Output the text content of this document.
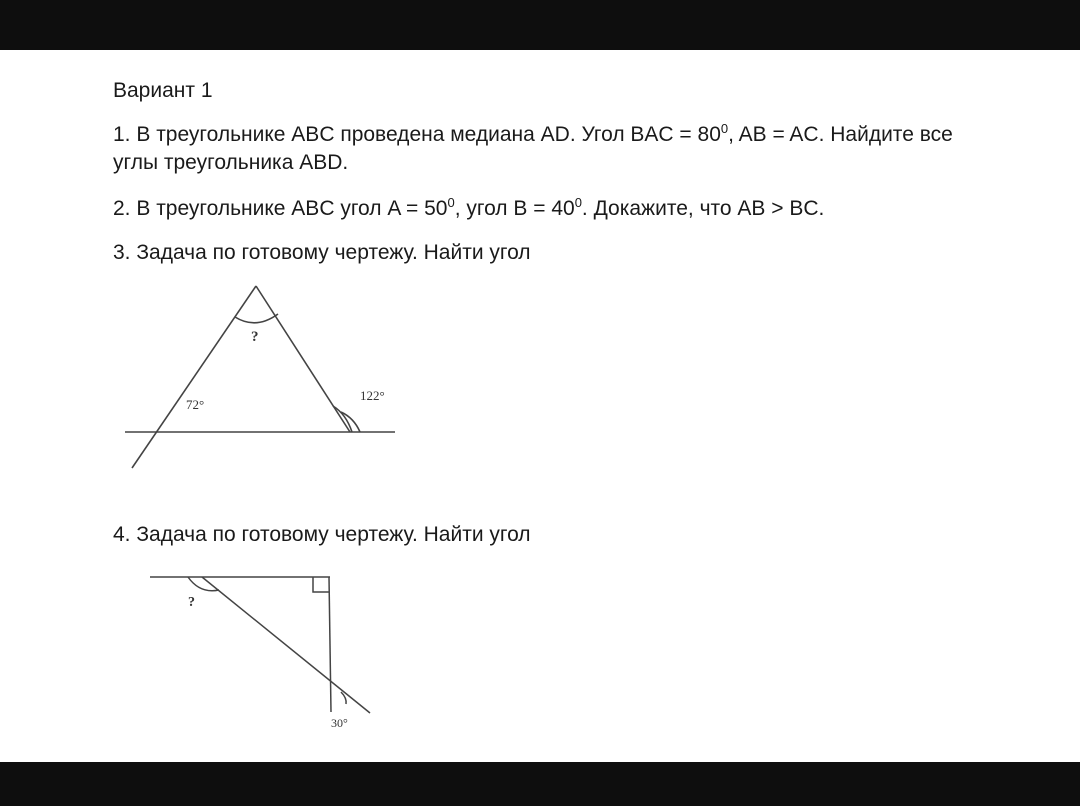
Вариант 1
1. В треугольнике ABC проведена медиана AD. Угол BAC = $80^0$, AB = AC. Найдите все
углы треугольника ABD.
2. В треугольнике ABC угол $A = 50^0$, угол $B = 40^0$. Докажите, что AB > BC.
3. Задача по готовому чертежу. Найти угол
?
72°
122°
4. Задача по готовому чертежу. Найти угол
?
30°
